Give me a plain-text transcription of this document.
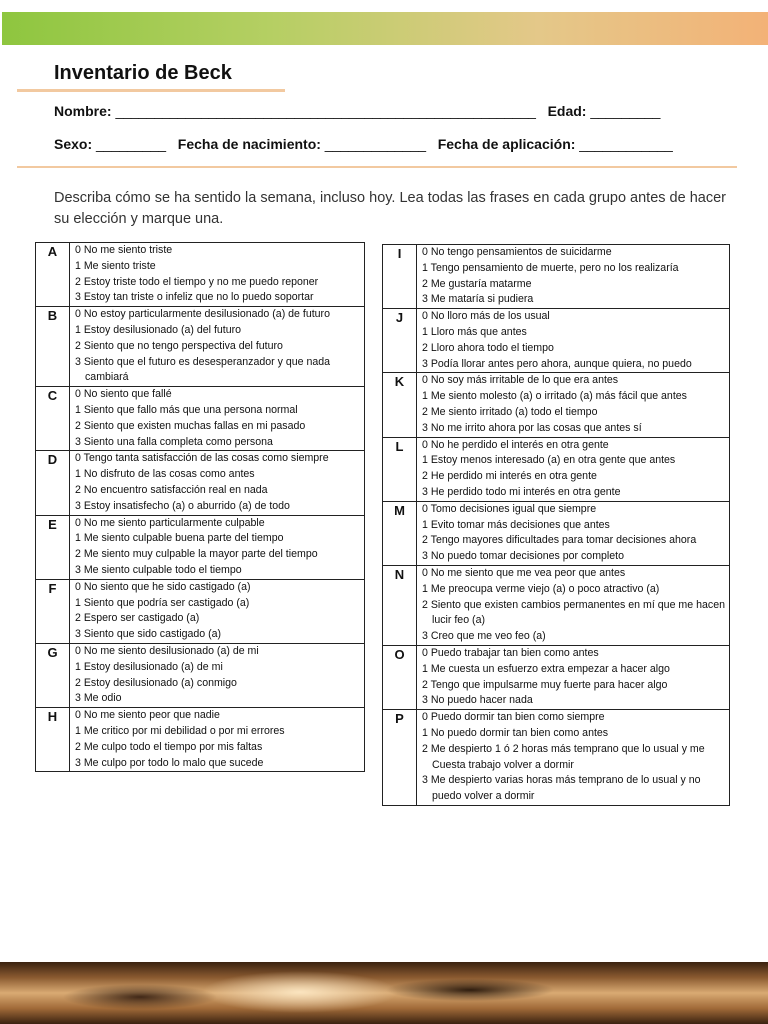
Inventario de Beck
Nombre: ______________________________________________________ Edad: _________
Sexo: _________ Fecha de nacimiento: _____________ Fecha de aplicación: ____________

Describa cómo se ha sentido la semana, incluso hoy. Lea todas las frases en cada grupo antes de hacer su elección y marque una.

A	0 No me siento triste
1 Me siento triste
2 Estoy triste todo el tiempo y no me puedo reponer
3 Estoy tan triste o infeliz que no lo puedo soportar

B	0 No estoy particularmente desilusionado (a) de futuro
1 Estoy desilusionado (a) del futuro
2 Siento que no tengo perspectiva del futuro
3 Siento que el futuro es desesperanzador y que nada cambiará

C	0 No siento que fallé
1 Siento que fallo más que una persona normal
2 Siento que existen muchas fallas en mi pasado
3 Siento una falla completa como persona

D	0 Tengo tanta satisfacción de las cosas como siempre
1 No disfruto de las cosas como antes
2 No encuentro satisfacción real en nada
3 Estoy insatisfecho (a) o aburrido (a) de todo

E	0 No me siento particularmente culpable
1 Me siento culpable buena parte del tiempo
2 Me siento muy culpable la mayor parte del tiempo
3 Me siento culpable todo el tiempo

F	0 No siento que he sido castigado (a)
1 Siento que podría ser castigado (a)
2 Espero ser castigado (a)
3 Siento que sido castigado (a)

G	0 No me siento desilusionado (a) de mi
1 Estoy desilusionado (a) de mi
2 Estoy desilusionado (a) conmigo
3 Me odio

H	0 No me siento peor que nadie
1 Me critico por mi debilidad o por mi errores
2 Me culpo todo el tiempo por mis faltas
3 Me culpo por todo lo malo que sucede
I	0 No tengo pensamientos de suicidarme
1 Tengo pensamiento de muerte, pero no los realizaría
2 Me gustaría matarme
3 Me mataría si pudiera

J	0 No lloro más de los usual
1 Lloro más que antes
2 Lloro ahora todo el tiempo
3 Podía llorar antes pero ahora, aunque quiera, no puedo

K	0 No soy más irritable de lo que era antes
1 Me siento molesto (a) o irritado (a) más fácil que antes
2 Me siento irritado (a) todo el tiempo
3 No me irrito ahora por las cosas que antes sí

L	0 No he perdido el interés en otra gente
1 Estoy menos interesado (a) en otra gente que antes
2 He perdido mi interés en otra gente
3 He perdido todo mi interés en otra gente

M	0 Tomo decisiones igual que siempre
1 Evito tomar más decisiones que antes
2 Tengo mayores dificultades para tomar decisiones ahora
3 No puedo tomar decisiones por completo

N	0 No me siento que me vea peor que antes
1 Me preocupa verme viejo (a) o poco atractivo (a)
2 Siento que existen cambios permanentes en mí que me hacen lucir feo (a)
3 Creo que me veo feo (a)

O	0 Puedo trabajar tan bien como antes
1 Me cuesta un esfuerzo extra empezar a hacer algo
2 Tengo que impulsarme muy fuerte para hacer algo
3 No puedo hacer nada

P	0 Puedo dormir tan bien como siempre
1 No puedo dormir tan bien como antes
2 Me despierto 1 ó 2 horas más temprano que lo usual y me Cuesta trabajo volver a dormir
3 Me despierto varias horas más temprano de lo usual y no puedo volver a dormir
